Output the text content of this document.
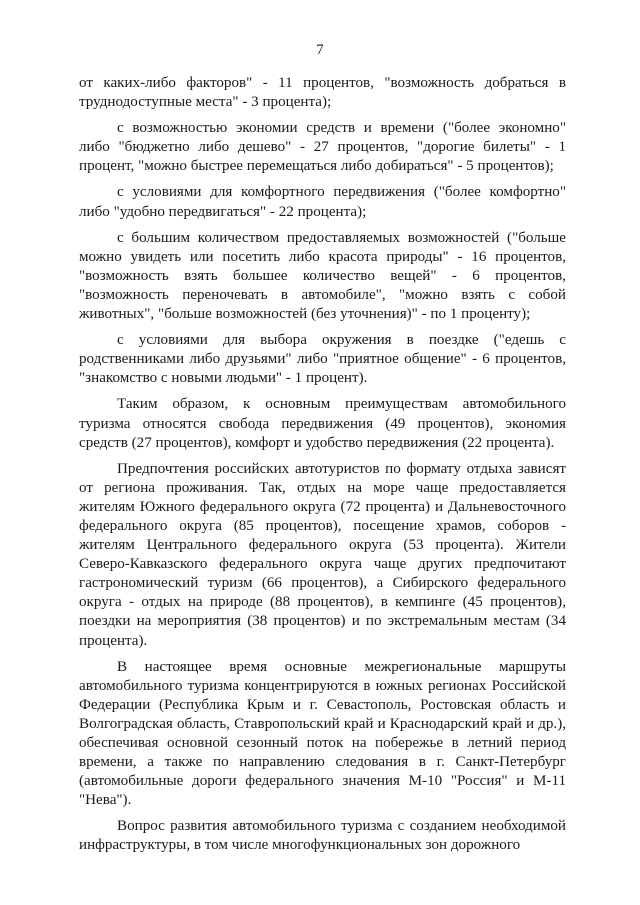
7

от каких-либо факторов" - 11 процентов, "возможность добраться в труднодоступные места" - 3 процента);

с возможностью экономии средств и времени ("более экономно" либо "бюджетно либо дешево" - 27 процентов, "дорогие билеты" - 1 процент, "можно быстрее перемещаться либо добираться" - 5 процентов);

с условиями для комфортного передвижения ("более комфортно" либо "удобно передвигаться" - 22 процента);

с большим количеством предоставляемых возможностей ("больше можно увидеть или посетить либо красота природы" - 16 процентов, "возможность взять большее количество вещей" - 6 процентов, "возможность переночевать в автомобиле", "можно взять с собой животных", "больше возможностей (без уточнения)" - по 1 проценту);

с условиями для выбора окружения в поездке ("едешь с родственниками либо друзьями" либо "приятное общение" - 6 процентов, "знакомство с новыми людьми" - 1 процент).

Таким образом, к основным преимуществам автомобильного туризма относятся свобода передвижения (49 процентов), экономия средств (27 процентов), комфорт и удобство передвижения (22 процента).

Предпочтения российских автотуристов по формату отдыха зависят от региона проживания. Так, отдых на море чаще предоставляется жителям Южного федерального округа (72 процента) и Дальневосточного федерального округа (85 процентов), посещение храмов, соборов - жителям Центрального федерального округа (53 процента). Жители Северо-Кавказского федерального округа чаще других предпочитают гастрономический туризм (66 процентов), а Сибирского федерального округа - отдых на природе (88 процентов), в кемпинге (45 процентов), поездки на мероприятия (38 процентов) и по экстремальным местам (34 процента).

В настоящее время основные межрегиональные маршруты автомобильного туризма концентрируются в южных регионах Российской Федерации (Республика Крым и г. Севастополь, Ростовская область и Волгоградская область, Ставропольский край и Краснодарский край и др.), обеспечивая основной сезонный поток на побережье в летний период времени, а также по направлению следования в г. Санкт-Петербург (автомобильные дороги федерального значения М-10 "Россия" и М-11 "Нева").

Вопрос развития автомобильного туризма с созданием необходимой инфраструктуры, в том числе многофункциональных зон дорожного
